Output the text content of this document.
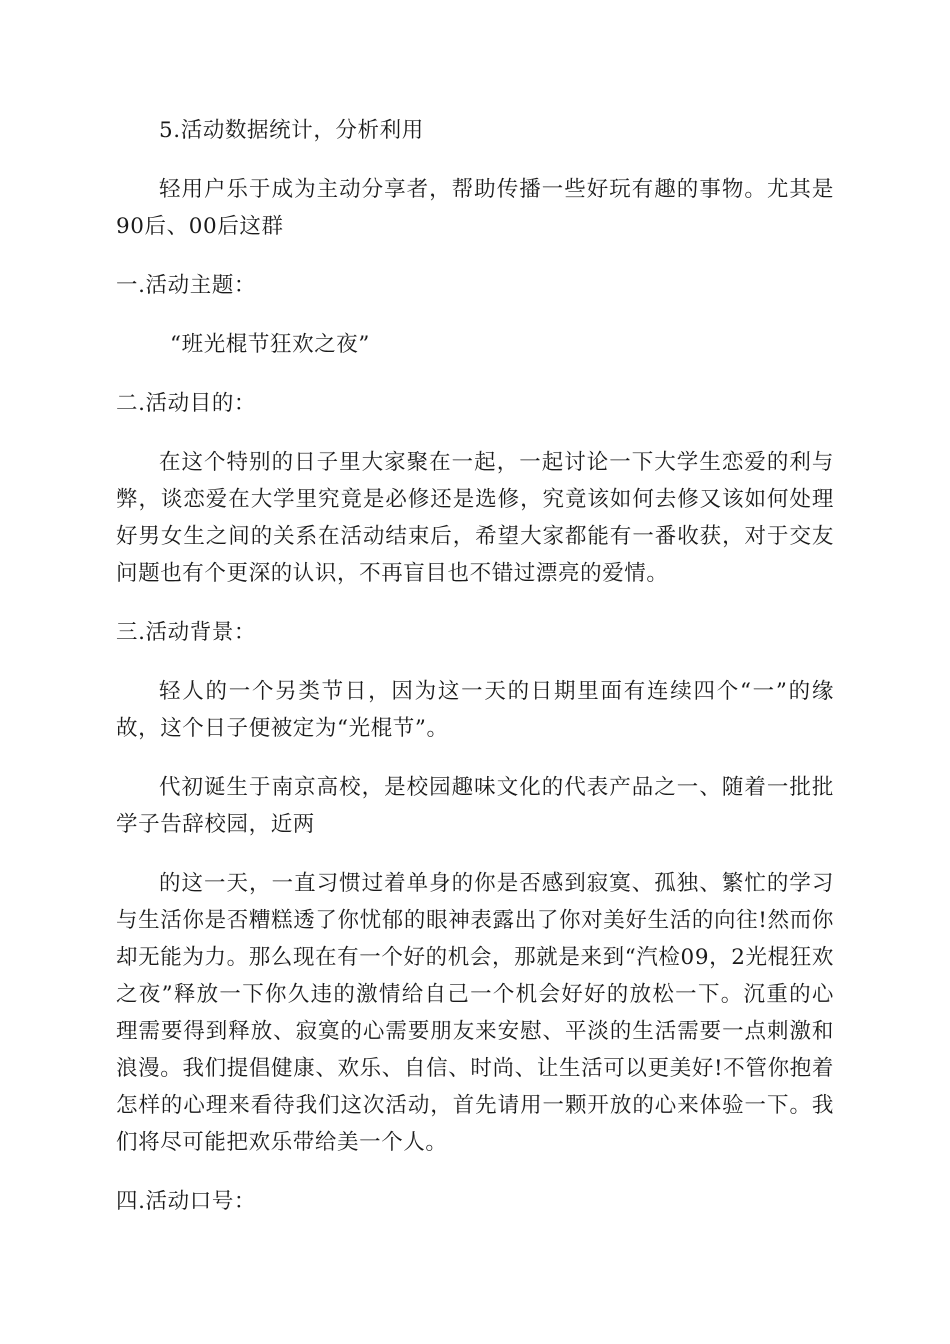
5.活动数据统计，分析利用

轻用户乐于成为主动分享者，帮助传播一些好玩有趣的事物。尤其是90后、00后这群

一.活动主题：

“班光棍节狂欢之夜”

二.活动目的：

在这个特别的日子里大家聚在一起，一起讨论一下大学生恋爱的利与弊，谈恋爱在大学里究竟是必修还是选修，究竟该如何去修又该如何处理好男女生之间的关系在活动结束后，希望大家都能有一番收获，对于交友问题也有个更深的认识，不再盲目也不错过漂亮的爱情。

三.活动背景：

轻人的一个另类节日，因为这一天的日期里面有连续四个“一”的缘故，这个日子便被定为“光棍节”。

代初诞生于南京高校，是校园趣味文化的代表产品之一、随着一批批学子告辞校园，近两

的这一天，一直习惯过着单身的你是否感到寂寞、孤独、繁忙的学习与生活你是否糟糕透了你忧郁的眼神表露出了你对美好生活的向往!然而你却无能为力。那么现在有一个好的机会，那就是来到“汽检09，2光棍狂欢之夜”释放一下你久违的激情给自己一个机会好好的放松一下。沉重的心理需要得到释放、寂寞的心需要朋友来安慰、平淡的生活需要一点刺激和浪漫。我们提倡健康、欢乐、自信、时尚、让生活可以更美好!不管你抱着怎样的心理来看待我们这次活动，首先请用一颗开放的心来体验一下。我们将尽可能把欢乐带给美一个人。

四.活动口号：
